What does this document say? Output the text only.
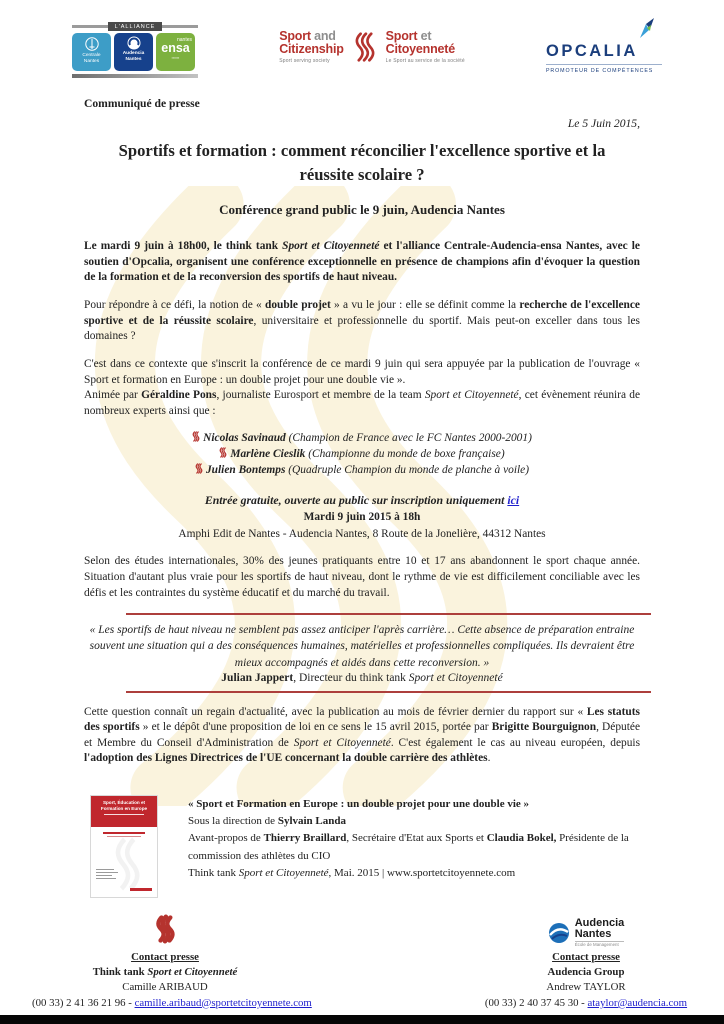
L'ALLIANCE
Centrale
Nantes
Audencia
Nantes
nantes
ensa
▪▪▪▪▪▪
Sport and
Citizenship
Sport serving society
Sport et
Citoyenneté
Le Sport au service de la société
OPCALIA
PROMOTEUR DE COMPÉTENCES
Communiqué de presse
Le 5 Juin 2015,
Sportifs et formation : comment réconcilier l'excellence sportive et la réussite scolaire ?
Conférence grand public le 9 juin, Audencia Nantes

Le mardi 9 juin à 18h00, le think tank Sport et Citoyenneté et l'alliance Centrale-Audencia-ensa Nantes, avec le soutien d'Opcalia, organisent une conférence exceptionnelle en présence de champions afin d'évoquer la question de la formation et de la reconversion des sportifs de haut niveau.

Pour répondre à ce défi, la notion de « double projet » a vu le jour : elle se définit comme la recherche de l'excellence sportive et de la réussite scolaire, universitaire et professionnelle du sportif. Mais peut-on exceller dans tous les domaines ?

C'est dans ce contexte que s'inscrit la conférence de ce mardi 9 juin qui sera appuyée par la publication de l'ouvrage « Sport et formation en Europe : un double projet pour une double vie ».

Animée par Géraldine Pons, journaliste Eurosport et membre de la team Sport et Citoyenneté, cet évènement réunira de nombreux experts ainsi que :

Nicolas Savinaud (Champion de France avec le FC Nantes 2000-2001)
Marlène Cieslik (Championne du monde de boxe française)
Julien Bontemps (Quadruple Champion du monde de planche à voile)
Entrée gratuite, ouverte au public sur inscription uniquement ici
Mardi 9 juin 2015 à 18h
Amphi Edit de Nantes - Audencia Nantes, 8 Route de la Jonelière, 44312 Nantes

Selon des études internationales, 30% des jeunes pratiquants entre 10 et 17 ans abandonnent le sport chaque année. Situation d'autant plus vraie pour les sportifs de haut niveau, dont le rythme de vie est difficilement conciliable avec les défis et les contraintes du système éducatif et du marché du travail.

« Les sportifs de haut niveau ne semblent pas assez anticiper l'après carrière… Cette absence de préparation entraine souvent une situation qui a des conséquences humaines, matérielles et professionnelles compliquées. Ils devraient être mieux accompagnés et aidés dans cette reconversion. »

Julian Jappert, Directeur du think tank Sport et Citoyenneté

Cette question connaît un regain d'actualité, avec la publication au mois de février dernier du rapport sur « Les statuts des sportifs » et le dépôt d'une proposition de loi en ce sens le 15 avril 2015, portée par Brigitte Bourguignon, Députée et Membre du Conseil d'Administration de Sport et Citoyenneté. C'est également le cas au niveau européen, depuis l'adoption des Lignes Directrices de l'UE concernant la double carrière des athlètes.

Sport, Éducation et Formation en Europe	« Sport et Formation en Europe : un double projet pour une double vie »
Sous la direction de Sylvain Landa
Avant-propos de Thierry Braillard, Secrétaire d'Etat aux Sports et Claudia Bokel, Présidente de la commission des athlètes du CIO
Think tank Sport et Citoyenneté, Mai. 2015 | www.sportetcitoyennete.com
Contact presse
Think tank Sport et Citoyenneté
Camille ARIBAUD
(00 33) 2 41 36 21 96 - camille.aribaud@sportetcitoyennete.com
Audencia
Nantes
École de Management
Contact presse
Audencia Group
Andrew TAYLOR
(00 33) 2 40 37 45 30 - ataylor@audencia.com
